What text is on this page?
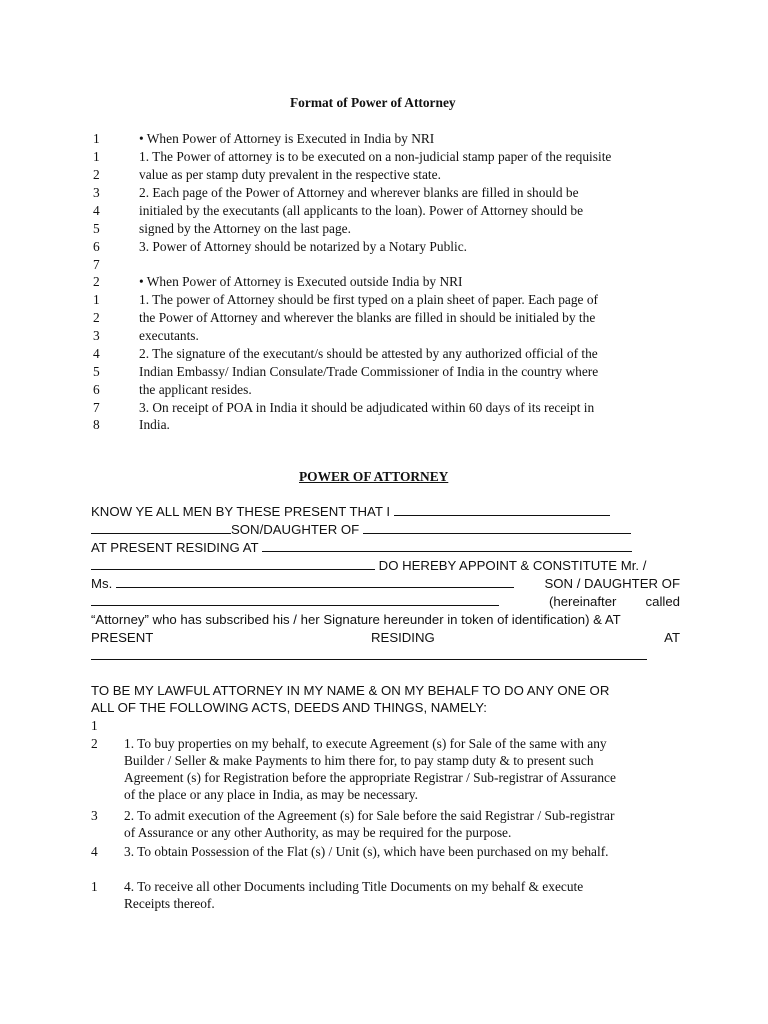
Format of Power of Attorney
1	• When Power of Attorney is Executed in India by NRI
1	1. The Power of attorney is to be executed on a non-judicial stamp paper of the requisite
2	value as per stamp duty prevalent in the respective state.
3	2. Each page of the Power of Attorney and wherever blanks are filled in should be
4	initialed by the executants (all applicants to the loan). Power of Attorney should be
5	signed by the Attorney on the last page.
6	3. Power of Attorney should be notarized by a Notary Public.
7
2	• When Power of Attorney is Executed outside India by NRI
1	1. The power of Attorney should be first typed on a plain sheet of paper. Each page of
2	the Power of Attorney and wherever the blanks are filled in should be initialed by the
3	executants.
4	2. The signature of the executant/s should be attested by any authorized official of the
5	Indian Embassy/ Indian Consulate/Trade Commissioner of India in the country where
6	the applicant resides.
7	3. On receipt of POA in India it should be adjudicated within 60 days of its receipt in
8	India.
POWER OF ATTORNEY
KNOW YE ALL MEN BY THESE PRESENT THAT I
SON/DAUGHTER OF
AT PRESENT RESIDING AT
DO HEREBY APPOINT & CONSTITUTE Mr. /
Ms.	SON / DAUGHTER OF
(hereinafter called
“Attorney” who has subscribed his / her Signature hereunder in token of identification) & AT
PRESENT	RESIDING	AT
TO BE MY LAWFUL ATTORNEY IN MY NAME & ON MY BEHALF TO DO ANY ONE OR
ALL OF THE FOLLOWING ACTS, DEEDS AND THINGS, NAMELY:
1
2	1. To buy properties on my behalf, to execute Agreement (s) for Sale of the same with any
Builder / Seller & make Payments to him there for, to pay stamp duty & to present such
Agreement (s) for Registration before the appropriate Registrar / Sub-registrar of Assurance
of the place or any place in India, as may be necessary.
3	2. To admit execution of the Agreement (s) for Sale before the said Registrar / Sub-registrar
of Assurance or any other Authority, as may be required for the purpose.
4	3. To obtain Possession of the Flat (s) / Unit (s), which have been purchased on my behalf.
1	4. To receive all other Documents including Title Documents on my behalf & execute
Receipts thereof.
